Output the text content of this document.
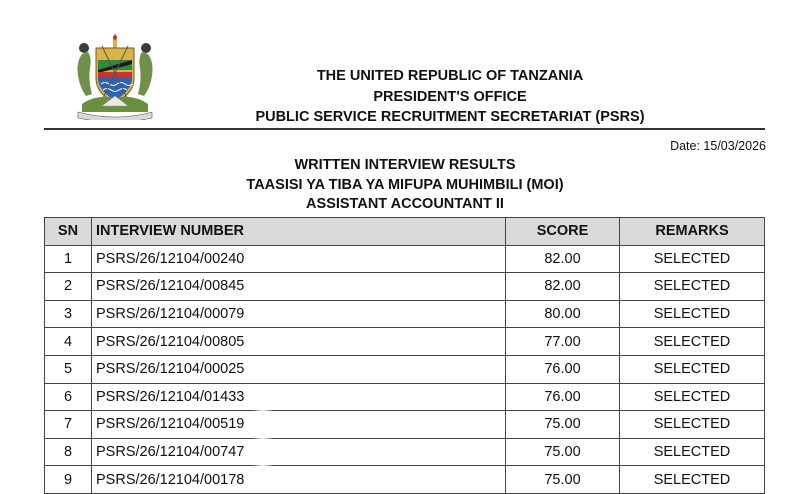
THE UNITED REPUBLIC OF TANZANIA
PRESIDENT'S OFFICE
PUBLIC SERVICE RECRUITMENT SECRETARIAT (PSRS)
Date: 15/03/2026
WRITTEN INTERVIEW RESULTS
TAASISI YA TIBA YA MIFUPA MUHIMBILI (MOI)
ASSISTANT ACCOUNTANT II
SN	INTERVIEW NUMBER	SCORE	REMARKS
1	PSRS/26/12104/00240	82.00	SELECTED
2	PSRS/26/12104/00845	82.00	SELECTED
3	PSRS/26/12104/00079	80.00	SELECTED
4	PSRS/26/12104/00805	77.00	SELECTED
5	PSRS/26/12104/00025	76.00	SELECTED
6	PSRS/26/12104/01433	76.00	SELECTED
7	PSRS/26/12104/00519	75.00	SELECTED
8	PSRS/26/12104/00747	75.00	SELECTED
9	PSRS/26/12104/00178	75.00	SELECTED
